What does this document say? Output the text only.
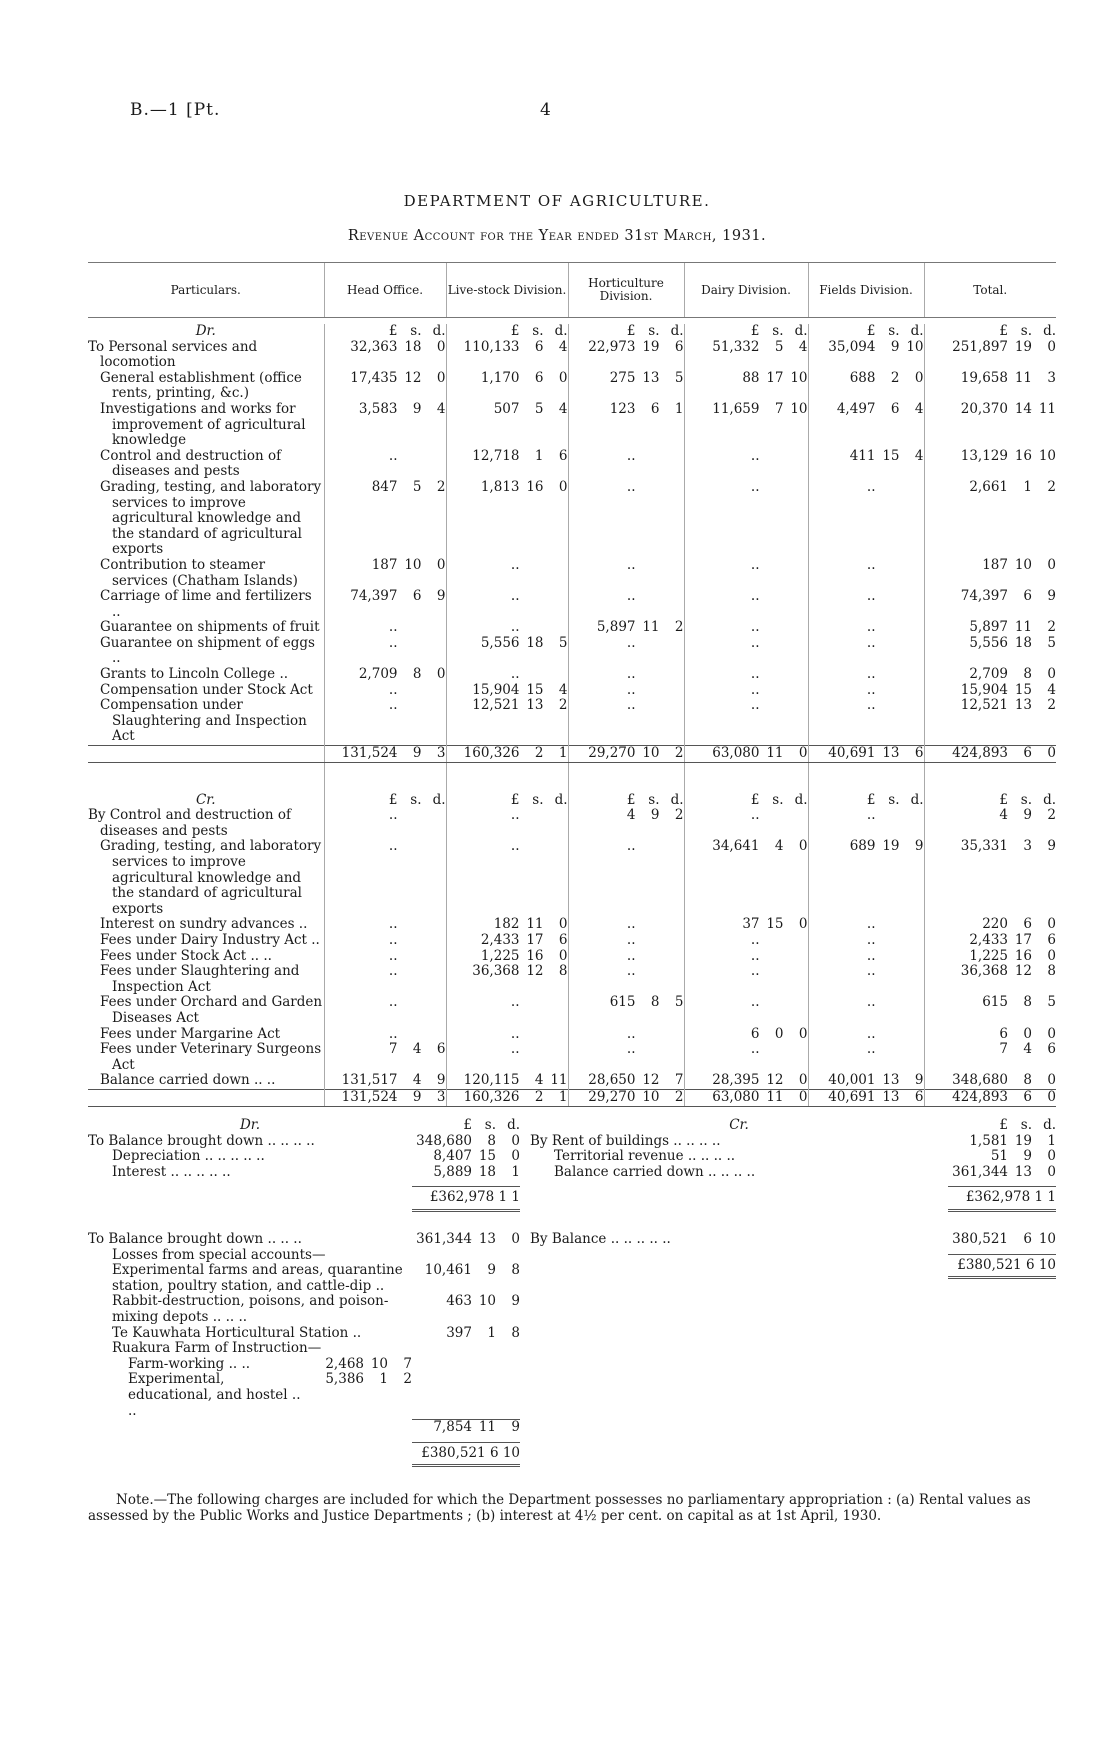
B.—1 [Pt.	4
DEPARTMENT OF AGRICULTURE.
Revenue Account for the Year ended 31st March, 1931.
Particulars.	Head Office.	Live-stock Division.	Horticulture Division.	Dairy Division.	Fields Division.	Total.

Dr.	£ s. d.	£ s. d.	£ s. d.	£ s. d.	£ s. d.	£ s. d.

To Personal services and locomotion	32,363 18 0	110,133 6 4	22,973 19 6	51,332 5 4	35,094 9 10	251,897 19 0

General establishment (office rents, printing, &c.)	17,435 12 0	1,170 6 0	275 13 5	88 17 10	688 2 0	19,658 11 3

Investigations and works for improvement of agricultural knowledge	3,583 9 4	507 5 4	123 6 1	11,659 7 10	4,497 6 4	20,370 14 11

Control and destruction of diseases and pests	..	12,718 1 6	..	..	411 15 4	13,129 16 10

Grading, testing, and laboratory services to improve agricultural knowledge and the standard of agricultural exports	847 5 2	1,813 16 0	..	..	..	2,661 1 2

Contribution to steamer services (Chatham Islands)	187 10 0	..	..	..	..	187 10 0

Carriage of lime and fertilizers ..	74,397 6 9	..	..	..	..	74,397 6 9

Guarantee on shipments of fruit	..	..	5,897 11 2	..	..	5,897 11 2

Guarantee on shipment of eggs ..	..	5,556 18 5	..	..	..	5,556 18 5

Grants to Lincoln College ..	2,709 8 0	..	..	..	..	2,709 8 0

Compensation under Stock Act	..	15,904 15 4	..	..	..	15,904 15 4

Compensation under Slaughtering and Inspection Act	..	12,521 13 2	..	..	..	12,521 13 2

	131,524 9 3	160,326 2 1	29,270 10 2	63,080 11 0	40,691 13 6	424,893 6 0

Cr.	£ s. d.	£ s. d.	£ s. d.	£ s. d.	£ s. d.	£ s. d.

By Control and destruction of diseases and pests	..	..	4 9 2	..	..	4 9 2

Grading, testing, and laboratory services to improve agricultural knowledge and the standard of agricultural exports	..	..	..	34,641 4 0	689 19 9	35,331 3 9

Interest on sundry advances ..	..	182 11 0	..	37 15 0	..	220 6 0

Fees under Dairy Industry Act ..	..	2,433 17 6	..	..	..	2,433 17 6

Fees under Stock Act .. ..	..	1,225 16 0	..	..	..	1,225 16 0

Fees under Slaughtering and Inspection Act	..	36,368 12 8	..	..	..	36,368 12 8

Fees under Orchard and Garden Diseases Act	..	..	615 8 5	..	..	615 8 5

Fees under Margarine Act	..	..	..	6 0 0	..	6 0 0

Fees under Veterinary Surgeons Act	7 4 6	..	..	..	..	7 4 6

Balance carried down .. ..	131,517 4 9	120,115 4 11	28,650 12 7	28,395 12 0	40,001 13 9	348,680 8 0

	131,524 9 3	160,326 2 1	29,270 10 2	63,080 11 0	40,691 13 6	424,893 6 0
Dr.	£ s. d.
To Balance brought down .. .. .. ..	348,680	8	0
Depreciation .. .. .. .. ..	8,407 15	0
Interest .. .. .. .. ..	5,889 18	1
£362,978 1 1
Cr.	£ s. d.
By Rent of buildings .. .. .. ..	1,581 19	1
Territorial revenue .. .. .. ..	51	9	0
Balance carried down .. .. .. ..	361,344 13	0
£362,978 1 1
To Balance brought down .. .. ..	361,344 13	0
Losses from special accounts—
Experimental farms and areas, quarantine station, poultry station, and cattle-dip ..
10,461	9	8
Rabbit-destruction, poisons, and poison-mixing depots .. .. ..
463 10	9
Te Kauwhata Horticultural Station ..	397	1	8
Ruakura Farm of Instruction—
Farm-working .. ..	2,468 10	7
Experimental, educational, and hostel .. ..
5,386	1	2
7,854 11	9
£380,521 6 10
By Balance .. .. .. .. ..	380,521	6 10
£380,521 6 10
Note.—The following charges are included for which the Department possesses no parliamentary appropriation : (a) Rental values as assessed by the Public Works and Justice Departments ; (b) interest at 4½ per cent. on capital as at 1st April, 1930.
